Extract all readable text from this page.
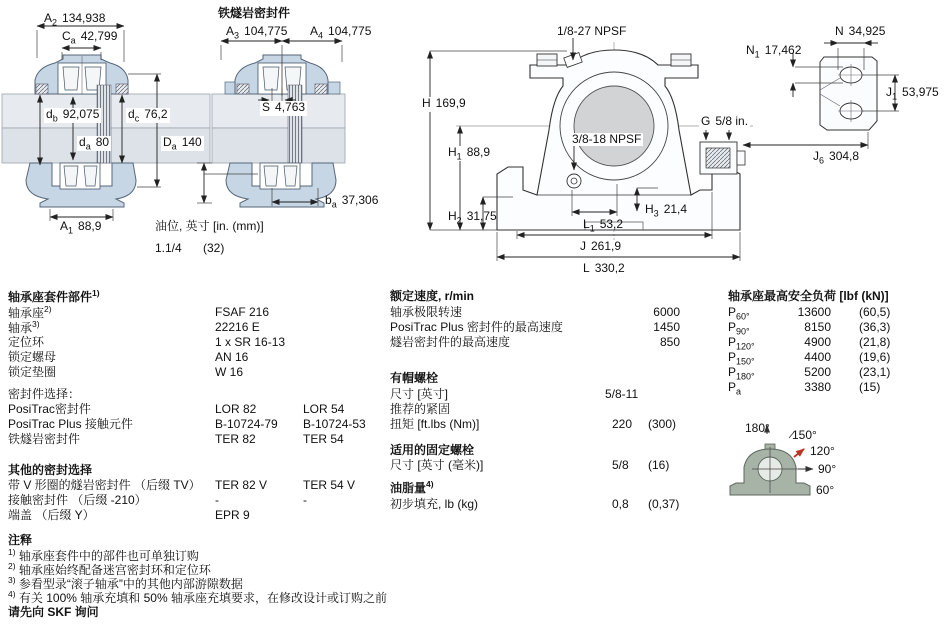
$A_2$ 134,938
$C_a$ 42,799
$d_b$ 92,075 $d_c$ 76,2
$d_a$ 80	$D_a$ 140
$A_1$ 88,9
铁燧岩密封件
$A_3$ 104,775 $A_4$ 104,775
S 4,763
$b_a$ 37,306
油位, 英寸 [in. (mm)]
1.1/4 (32)
1/8-27 NPSF
H 169,9
$H_1$ 88,9
3/8-18 NPSF
G 5/8 in.
$H_2$ 31,75	$H_3$ 21,4
$L_1$ 53,2
J 261,9
L 330,2
N 34,925
$N_1$ 17,462
$J_1$ 53,975
$J_6$ 304,8
轴承座套件部件$^{1)}$
轴承座$^{2)}$	FSAF 216
轴承$^{3)}$	22216 E
定位环	1 x SR 16-13
锁定螺母	AN 16
锁定垫圈	W 16
密封件选择：
PosiTrac密封件	LOR 82	LOR 54
PosiTrac Plus 接触元件	B-10724-79 B-10724-53
铁燧岩密封件	TER 82	TER 54
其他的密封选择
带 V 形圈的燧岩密封件 （后缀 TV） TER 82 V	TER 54 V
接触密封件 （后缀 -210）	-	-
端盖 （后缀 Y）	EPR 9
额定速度, r/min
轴承极限转速	6000
PosiTrac Plus 密封件的最高速度	1450
燧岩密封件的最高速度	850
有帽螺栓
尺寸 [英寸]	5/8-11
推荐的紧固
扭矩 [ft.lbs (Nm)]	220 (300)
适用的固定螺栓
尺寸 [英寸 (毫米)]	5/8 (16)
油脂量$^{4)}$
初步填充, lb (kg)	0,8 (0,37)
轴承座最高安全负荷 [lbf (kN)]
$P_{60^\circ}$	13600 (60,5)
$P_{90^\circ}$	8150 (36,3)
$P_{120^\circ}$	4900 (21,8)
$P_{150^\circ}$	4400 (19,6)
$P_{180^\circ}$	5200 (23,1)
$P_a$	3380 (15)
180° 150°
120°
90°
60°
注释
$^{1)}$ 轴承座套件中的部件也可单独订购
$^{2)}$ 轴承座始终配备迷宫密封环和定位环
$^{3)}$ 参看型录“滚子轴承”中的其他内部游隙数据
$^{4)}$ 有关 100% 轴承充填和 50% 轴承座充填要求，在修改设计或订购之前
请先向 SKF 询问
